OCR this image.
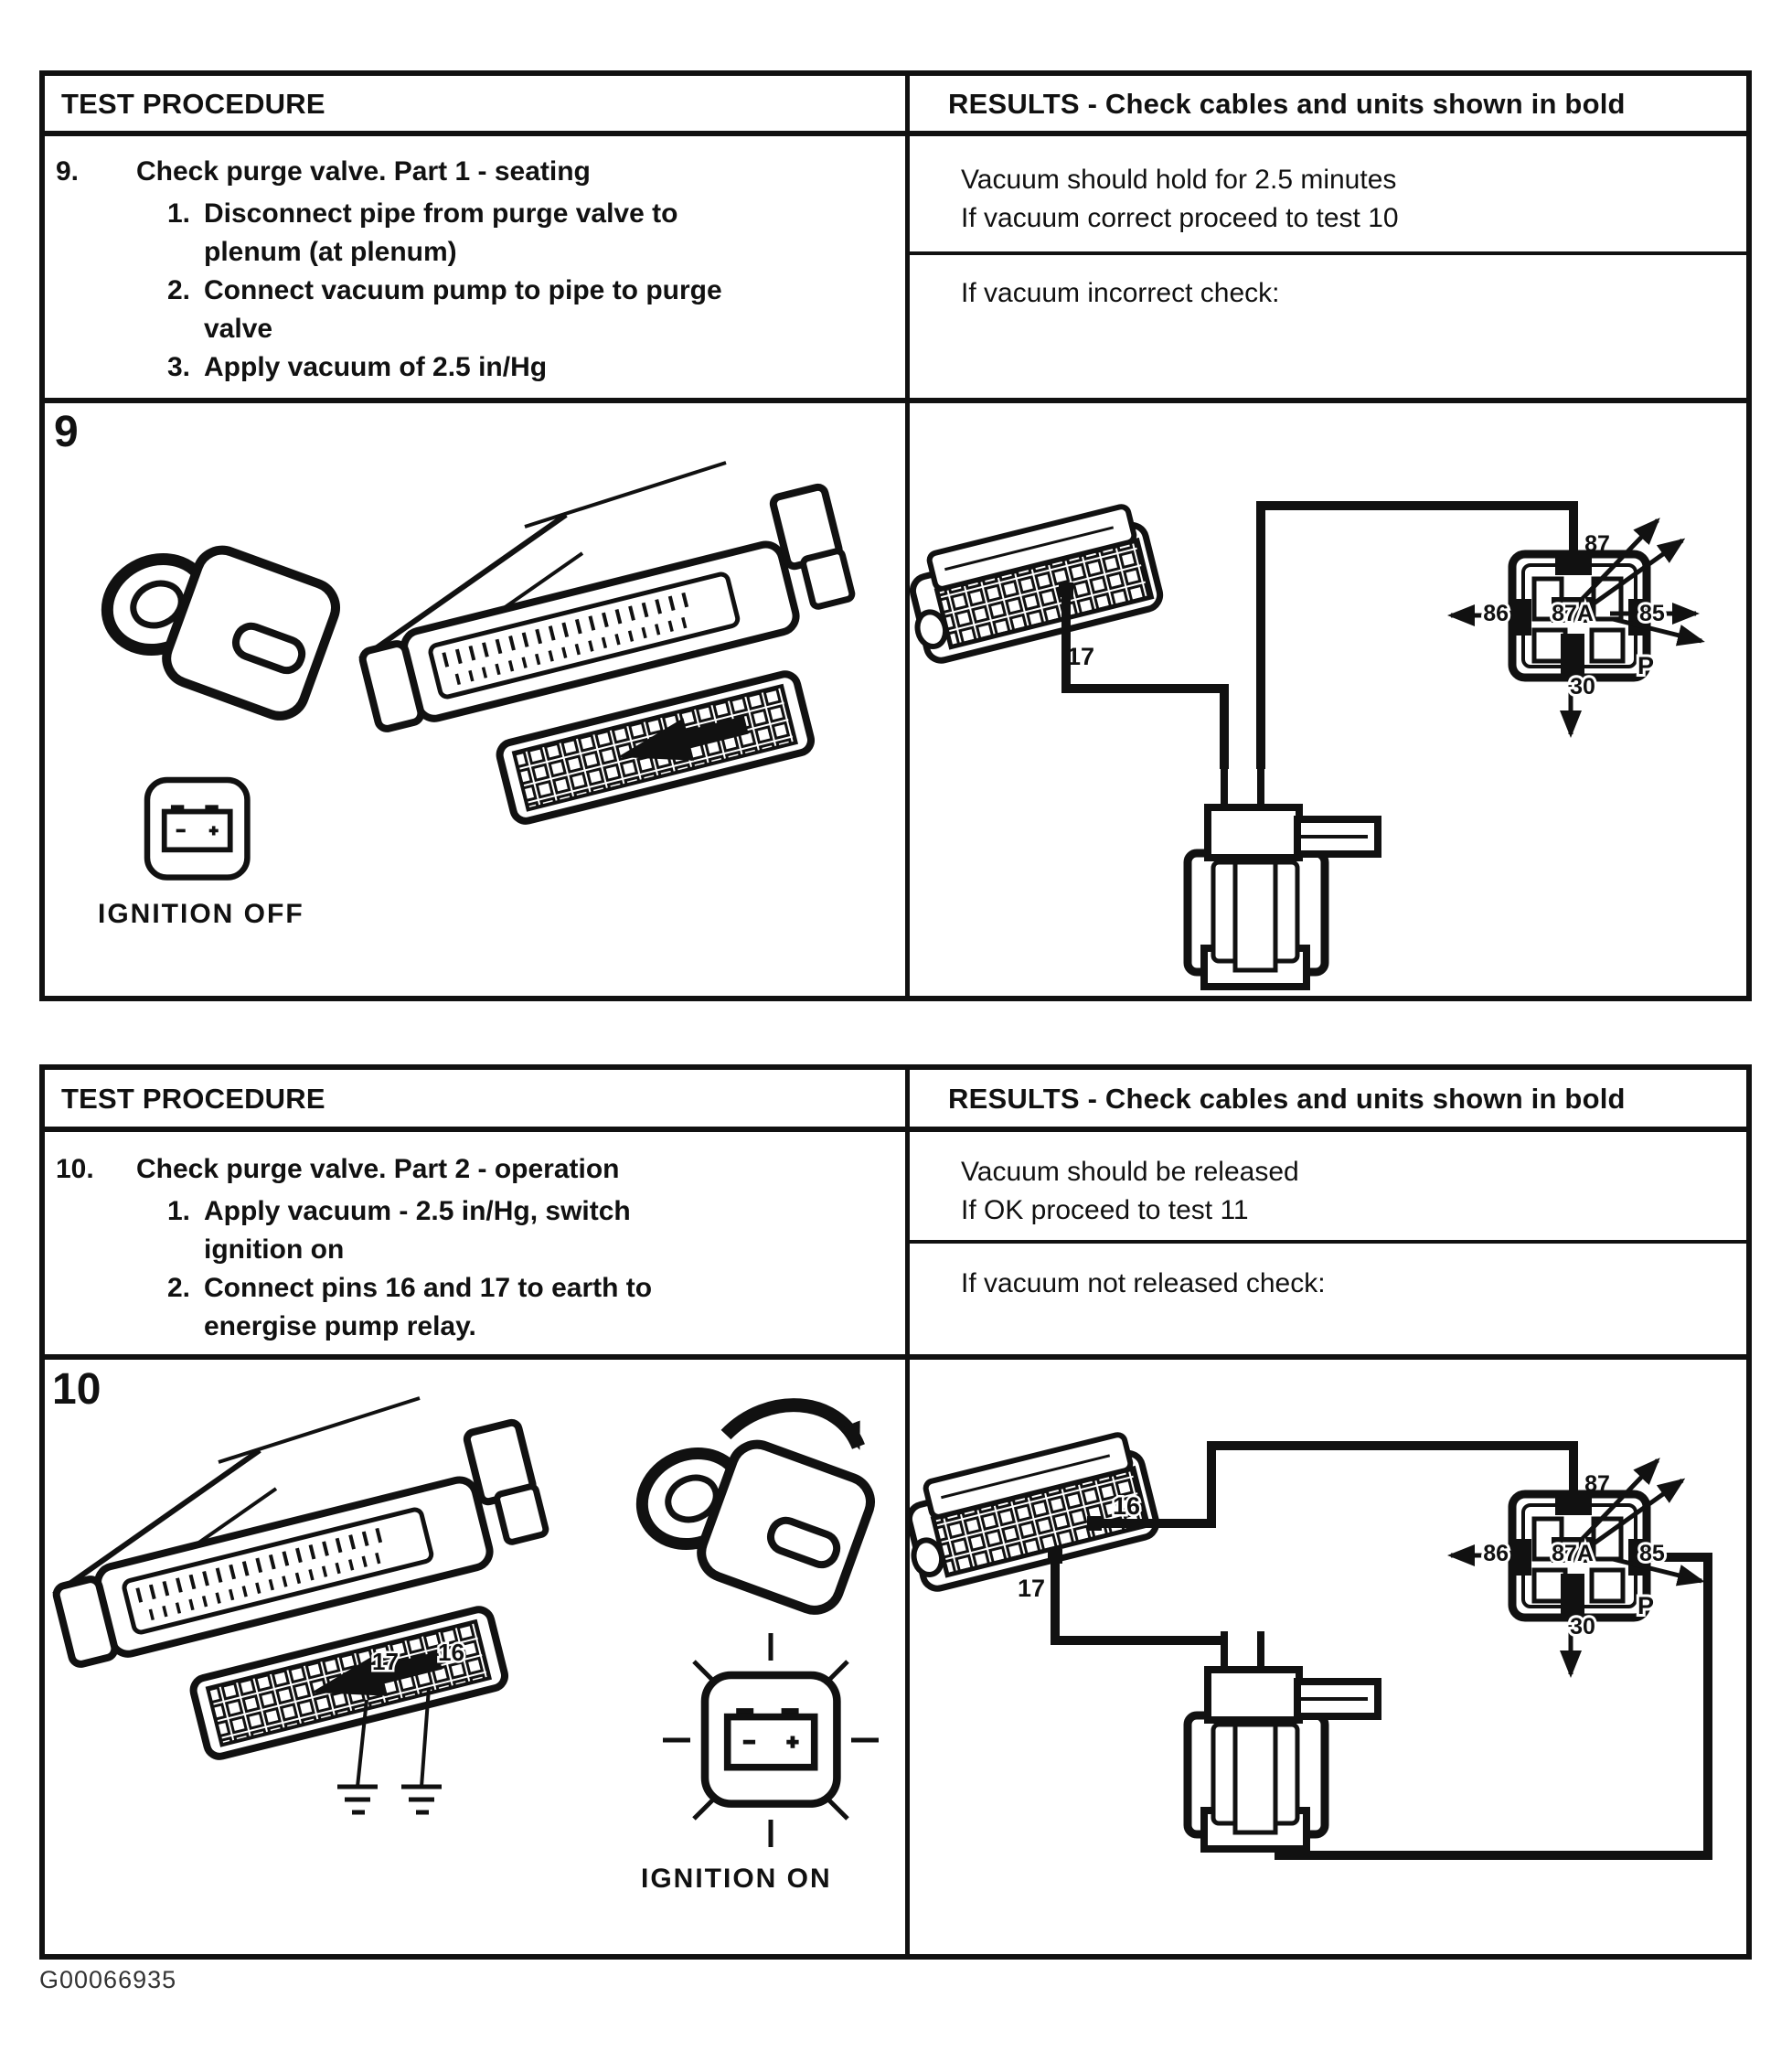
TEST PROCEDURE	RESULTS - Check cables and units shown in bold
9. Check purge valve. Part 1 - seating
1. Disconnect pipe from purge valve to plenum (at plenum)
2. Connect vacuum pump to pipe to purge valve
3. Apply vacuum of 2.5 in/Hg
Vacuum should hold for 2.5 minutes
If vacuum correct proceed to test 10
If vacuum incorrect check:
9
IGNITION OFF
17
87
86 87A 85
30
P
TEST PROCEDURE	RESULTS - Check cables and units shown in bold
10. Check purge valve. Part 2 - operation
1. Apply vacuum - 2.5 in/Hg, switch ignition on
2. Connect pins 16 and 17 to earth to energise pump relay.
Vacuum should be released
If OK proceed to test 11
If vacuum not released check:
10
17 16
IGNITION ON
16
17
87
86 87A 85
30
P
G00066935
